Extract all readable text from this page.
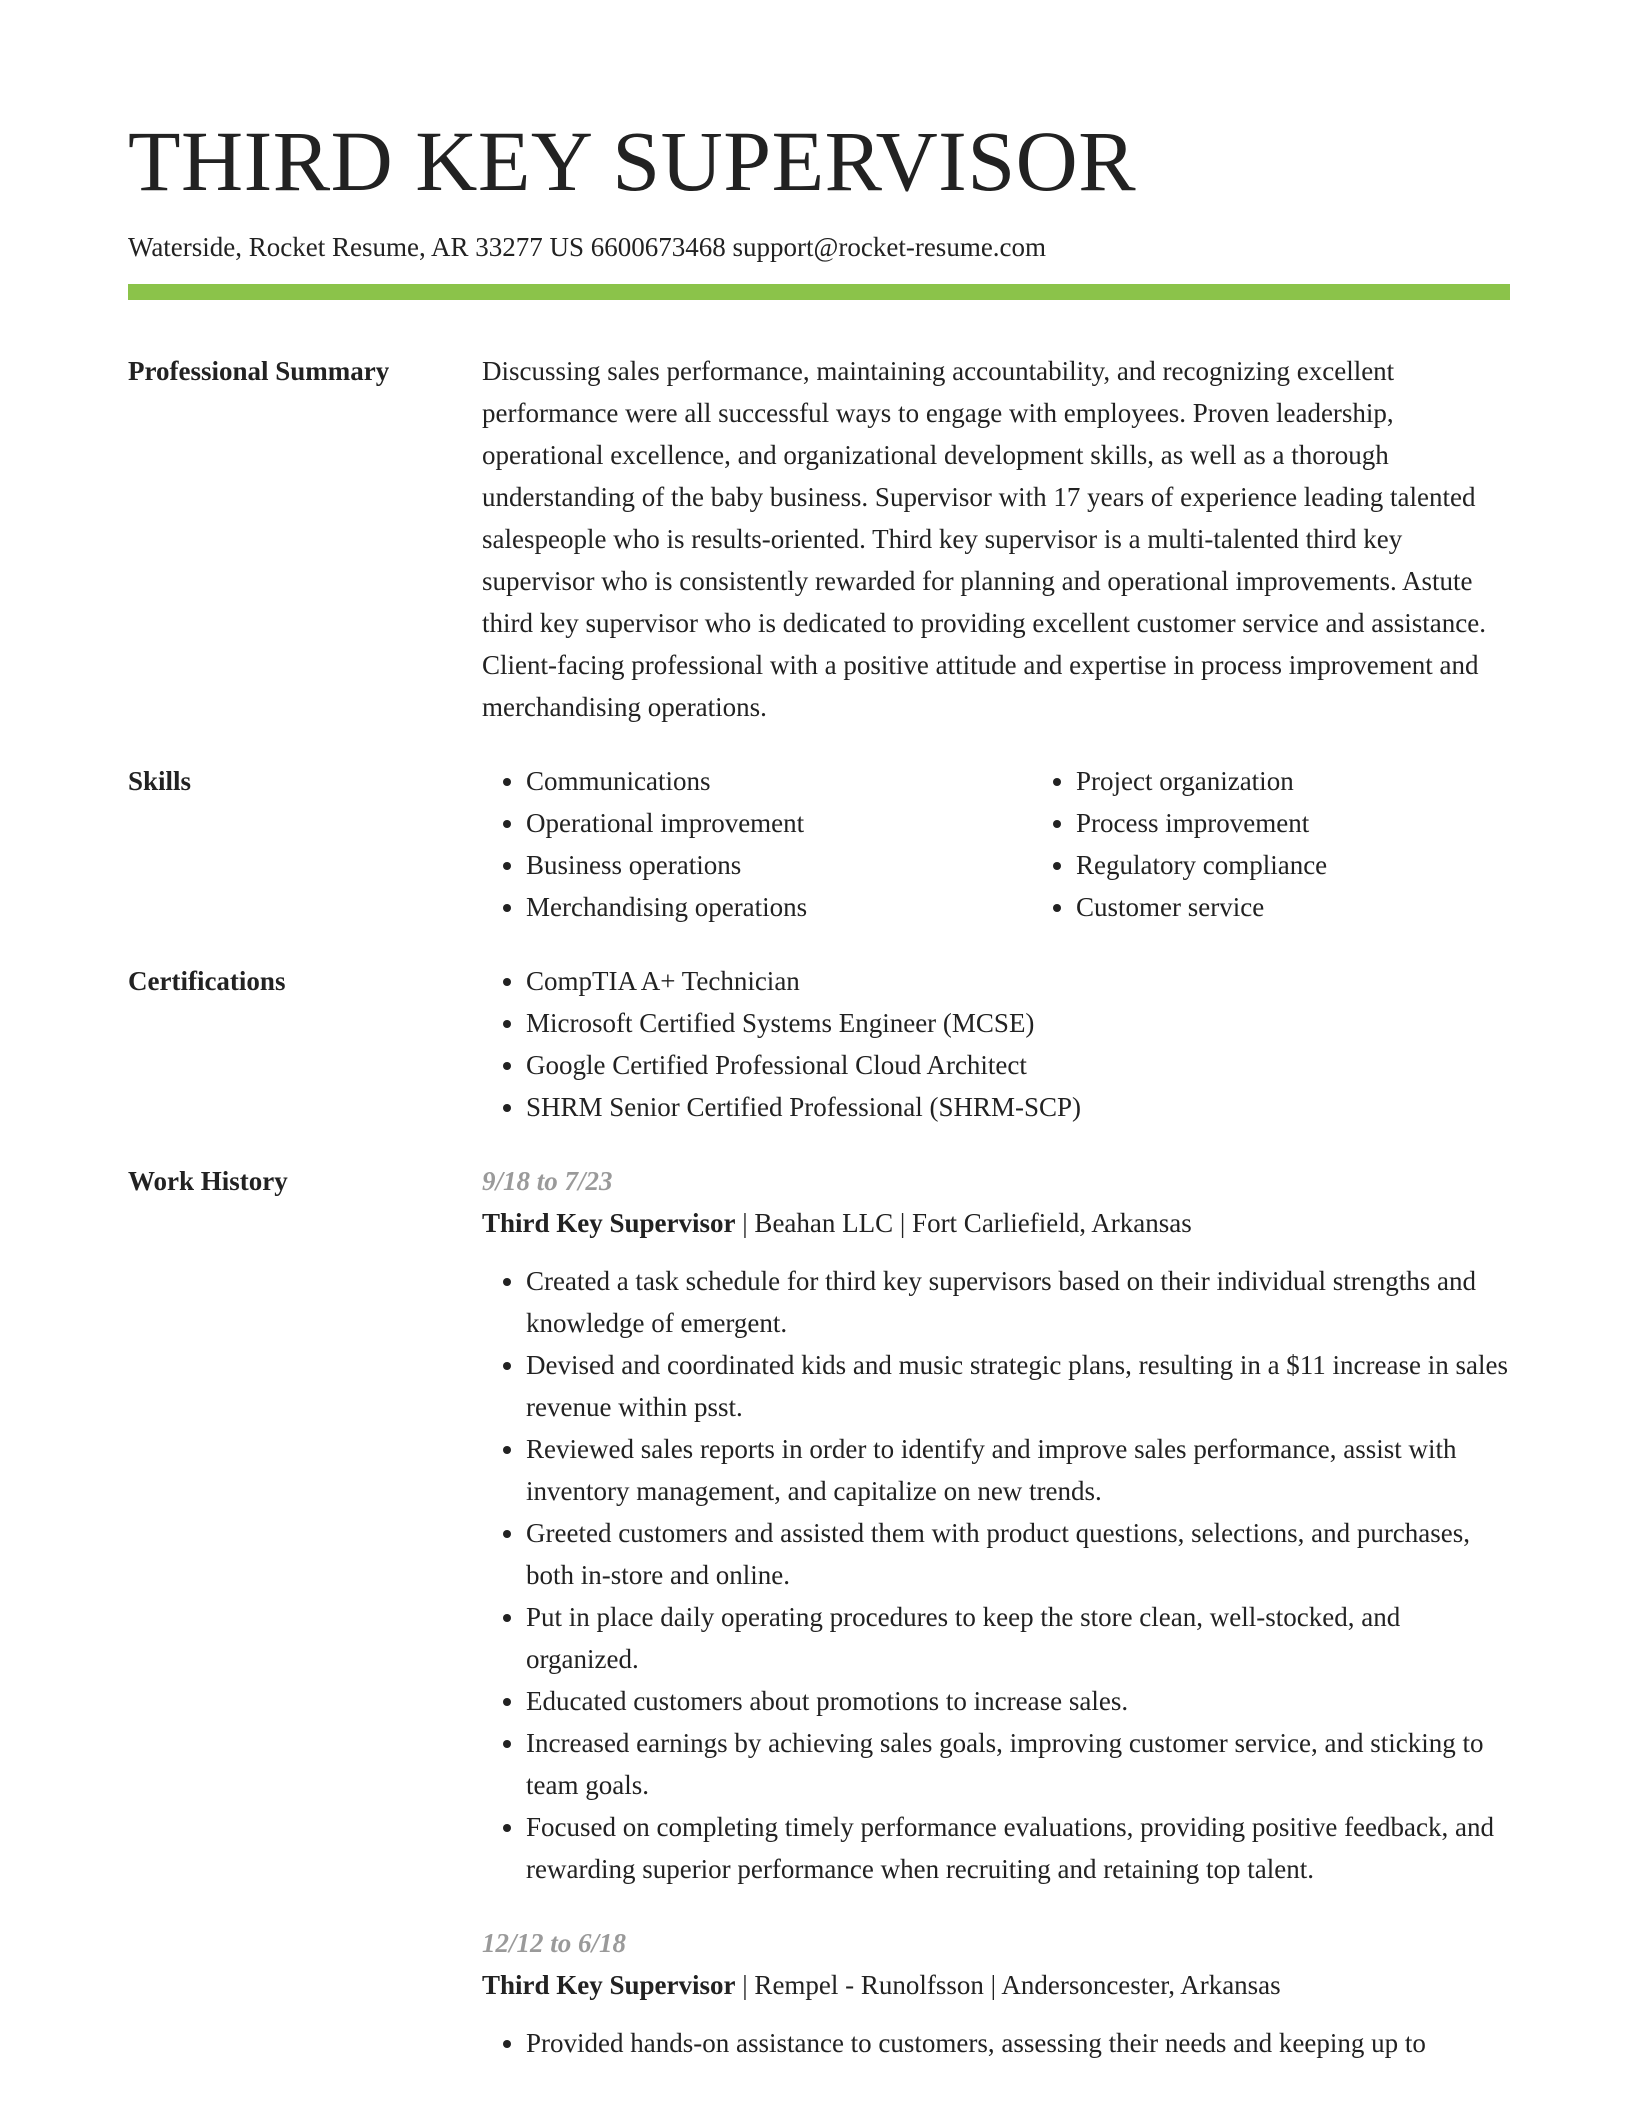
THIRD KEY SUPERVISOR
Waterside, Rocket Resume, AR 33277 US 6600673468 support@rocket-resume.com
Professional Summary	Discussing sales performance, maintaining accountability, and recognizing excellent performance were all successful ways to engage with employees. Proven leadership, operational excellence, and organizational development skills, as well as a thorough understanding of the baby business. Supervisor with 17 years of experience leading talented salespeople who is results-oriented. Third key supervisor is a multi-talented third key supervisor who is consistently rewarded for planning and operational improvements. Astute third key supervisor who is dedicated to providing excellent customer service and assistance. Client-facing professional with a positive attitude and expertise in process improvement and merchandising operations.
Skills	• Communications
• Operational improvement
• Business operations
• Merchandising operations
• Project organization
• Process improvement
• Regulatory compliance
• Customer service
Certifications	• CompTIA A+ Technician
• Microsoft Certified Systems Engineer (MCSE)
• Google Certified Professional Cloud Architect
• SHRM Senior Certified Professional (SHRM-SCP)
Work History	9/18 to 7/23
Third Key Supervisor | Beahan LLC | Fort Carliefield, Arkansas
• Created a task schedule for third key supervisors based on their individual strengths and knowledge of emergent.
• Devised and coordinated kids and music strategic plans, resulting in a $11 increase in sales revenue within psst.
• Reviewed sales reports in order to identify and improve sales performance, assist with inventory management, and capitalize on new trends.
• Greeted customers and assisted them with product questions, selections, and purchases, both in-store and online.
• Put in place daily operating procedures to keep the store clean, well-stocked, and organized.
• Educated customers about promotions to increase sales.
• Increased earnings by achieving sales goals, improving customer service, and sticking to team goals.
• Focused on completing timely performance evaluations, providing positive feedback, and rewarding superior performance when recruiting and retaining top talent.
12/12 to 6/18
Third Key Supervisor | Rempel - Runolfsson | Andersoncester, Arkansas
• Provided hands-on assistance to customers, assessing their needs and keeping up to
